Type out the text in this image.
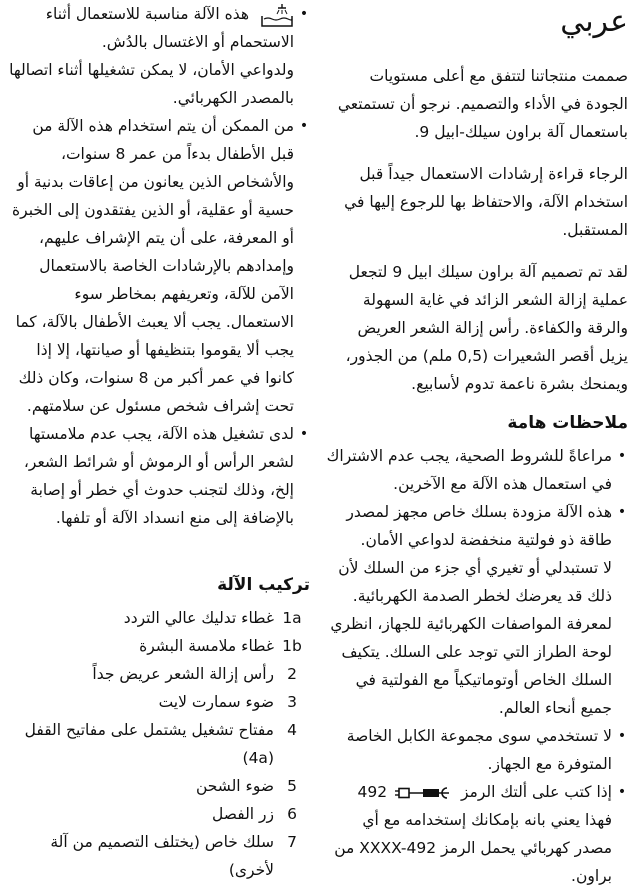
عربي

صممت منتجاتنا لتتفق مع أعلى مستويات الجودة في الأداء والتصميم. نرجو أن تستمتعي باستعمال آلة براون سيلك-ابيل 9.

الرجاء قراءة إرشادات الاستعمال جيداً قبل استخدام الآلة، والاحتفاظ بها للرجوع إليها في المستقبل.

لقد تم تصميم آلة براون سيلك ابيل 9 لتجعل عملية إزالة الشعر الزائد في غاية السهولة والرقة والكفاءة. رأس إزالة الشعر العريض يزيل أقصر الشعيرات (0,5 ملم) من الجذور، ويمنحك بشرة ناعمة تدوم لأسابيع.

ملاحظات هامة
•

مراعاةً للشروط الصحية، يجب عدم الاشتراك في استعمال هذه الآلة مع الآخرين.

•

هذه الآلة مزودة بسلك خاص مجهز لمصدر طاقة ذو فولتية منخفضة لدواعي الأمان.

لا تستبدلي أو تغيري أي جزء من السلك لأن ذلك قد يعرضك لخطر الصدمة الكهربائية. لمعرفة المواصفات الكهربائية للجهاز، انظري لوحة الطراز التي توجد على السلك. يتكيف السلك الخاص أوتوماتيكياً مع الفولتية في جميع أنحاء العالم.

•

لا تستخدمي سوى مجموعة الكابل الخاصة المتوفرة مع الجهاز.

•

إذا كتب على ألتك الرمز  492 فهذا يعني بانه بإمكانك إستخدامه مع أي مصدر كهربائي يحمل الرمز XXXX-492 من براون.

•

هذه الآلة مناسبة للاستعمال أثناء الاستحمام أو الاغتسال بالدُش.

ولدواعي الأمان، لا يمكن تشغيلها أثناء اتصالها بالمصدر الكهربائي.

•

من الممكن أن يتم استخدام هذه الآلة من قبل الأطفال بدءاً من عمر 8 سنوات، والأشخاص الذين يعانون من إعاقات بدنية أو حسية أو عقلية، أو الذين يفتقدون إلى الخبرة أو المعرفة، على أن يتم الإشراف عليهم، وإمدادهم بالإرشادات الخاصة بالاستعمال الآمن للآلة، وتعريفهم بمخاطر سوء الاستعمال. يجب ألا يعبث الأطفال بالآلة، كما يجب ألا يقوموا بتنظيفها أو صيانتها، إلا إذا كانوا في عمر أكبر من 8 سنوات، وكان ذلك تحت إشراف شخص مسئول عن سلامتهم.

•

لدى تشغيل هذه الآلة، يجب عدم ملامستها لشعر الرأس أو الرموش أو شرائط الشعر، إلخ، وذلك لتجنب حدوث أي خطر أو إصابة بالإضافة إلى منع انسداد الآلة أو تلفها.

تركيب الآلة
1a
غطاء تدليك عالي التردد
1b
غطاء ملامسة البشرة
2
رأس إزالة الشعر عريض جداً
3
ضوء سمارت لايت
4
مفتاح تشغيل يشتمل على مفاتيح القفل (4a)
5
ضوء الشحن
6
زر الفصل
7
سلك خاص (يختلف التصميم من آلة لأخرى)
